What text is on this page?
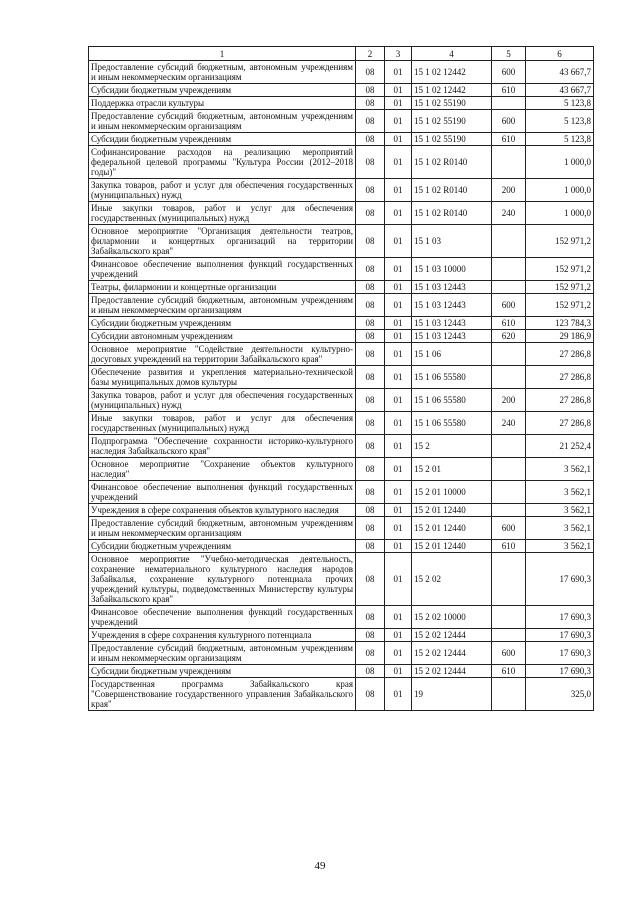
1	2	3	4	5	6
Предоставление субсидий бюджетным, автономным учреждениям и иным некоммерческим организациям	08	01	15 1 02 12442	600	43 667,7
Субсидии бюджетным учреждениям	08	01	15 1 02 12442	610	43 667,7
Поддержка отрасли культуры	08	01	15 1 02 55190		5 123,8
Предоставление субсидий бюджетным, автономным учреждениям и иным некоммерческим организациям	08	01	15 1 02 55190	600	5 123,8
Субсидии бюджетным учреждениям	08	01	15 1 02 55190	610	5 123,8
Софинансирование расходов на реализацию мероприятий федеральной целевой программы "Культура России (2012–2018 годы)"	08	01	15 1 02 R0140		1 000,0
Закупка товаров, работ и услуг для обеспечения государственных (муниципальных) нужд	08	01	15 1 02 R0140	200	1 000,0
Иные закупки товаров, работ и услуг для обеспечения государственных (муниципальных) нужд	08	01	15 1 02 R0140	240	1 000,0
Основное мероприятие "Организация деятельности театров, филармонии и концертных организаций на территории Забайкальского края"	08	01	15 1 03		152 971,2
Финансовое обеспечение выполнения функций государственных учреждений	08	01	15 1 03 10000		152 971,2
Театры, филармонии и концертные организации	08	01	15 1 03 12443		152 971,2
Предоставление субсидий бюджетным, автономным учреждениям и иным некоммерческим организациям	08	01	15 1 03 12443	600	152 971,2
Субсидии бюджетным учреждениям	08	01	15 1 03 12443	610	123 784,3
Субсидии автономным учреждениям	08	01	15 1 03 12443	620	29 186,9
Основное мероприятие "Содействие деятельности культурно-досуговых учреждений на территории Забайкальского края"	08	01	15 1 06		27 286,8
Обеспечение развития и укрепления материально-технической базы муниципальных домов культуры	08	01	15 1 06 55580		27 286,8
Закупка товаров, работ и услуг для обеспечения государственных (муниципальных) нужд	08	01	15 1 06 55580	200	27 286,8
Иные закупки товаров, работ и услуг для обеспечения государственных (муниципальных) нужд	08	01	15 1 06 55580	240	27 286,8
Подпрограмма "Обеспечение сохранности историко-культурного наследия Забайкальского края"	08	01	15 2		21 252,4
Основное мероприятие "Сохранение объектов культурного наследия"	08	01	15 2 01		3 562,1
Финансовое обеспечение выполнения функций государственных учреждений	08	01	15 2 01 10000		3 562,1
Учреждения в сфере сохранения объектов культурного наследия	08	01	15 2 01 12440		3 562,1
Предоставление субсидий бюджетным, автономным учреждениям и иным некоммерческим организациям	08	01	15 2 01 12440	600	3 562,1
Субсидии бюджетным учреждениям	08	01	15 2 01 12440	610	3 562,1
Основное мероприятие "Учебно-методическая деятельность, сохранение нематериального культурного наследия народов Забайкалья, сохранение культурного потенциала прочих учреждений культуры, подведомственных Министерству культуры Забайкальского края"	08	01	15 2 02		17 690,3
Финансовое обеспечение выполнения функций государственных учреждений	08	01	15 2 02 10000		17 690,3
Учреждения в сфере сохранения культурного потенциала	08	01	15 2 02 12444		17 690,3
Предоставление субсидий бюджетным, автономным учреждениям и иным некоммерческим организациям	08	01	15 2 02 12444	600	17 690,3
Субсидии бюджетным учреждениям	08	01	15 2 02 12444	610	17 690,3
Государственная программа Забайкальского края "Совершенствование государственного управления Забайкальского края"	08	01	19		325,0
49
